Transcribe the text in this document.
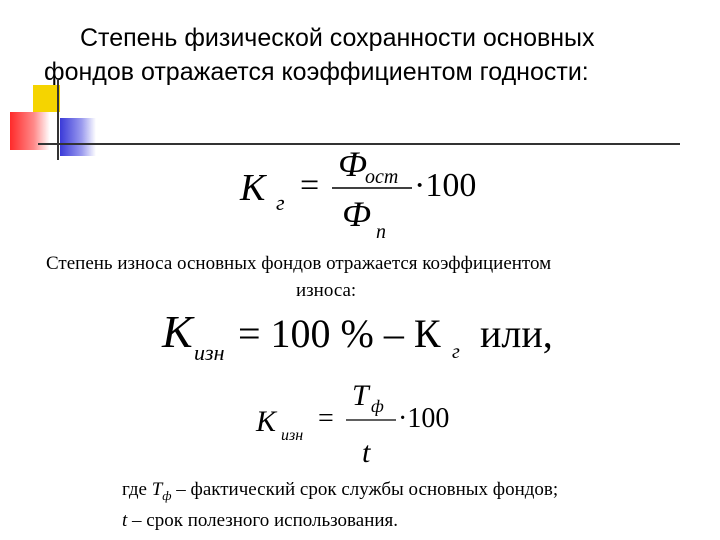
Степень физической сохранности основных
фондов отражается коэффициентом годности:
К г =
Ф
ост
Ф п
·100
К изн = 100 % – К г или,
К изн
=
Т ф
t
·100
Степень износа основных фондов отражается коэффициентом
износа:
где $Т_ф$ – фактический срок службы основных фондов;
t – срок полезного использования.
